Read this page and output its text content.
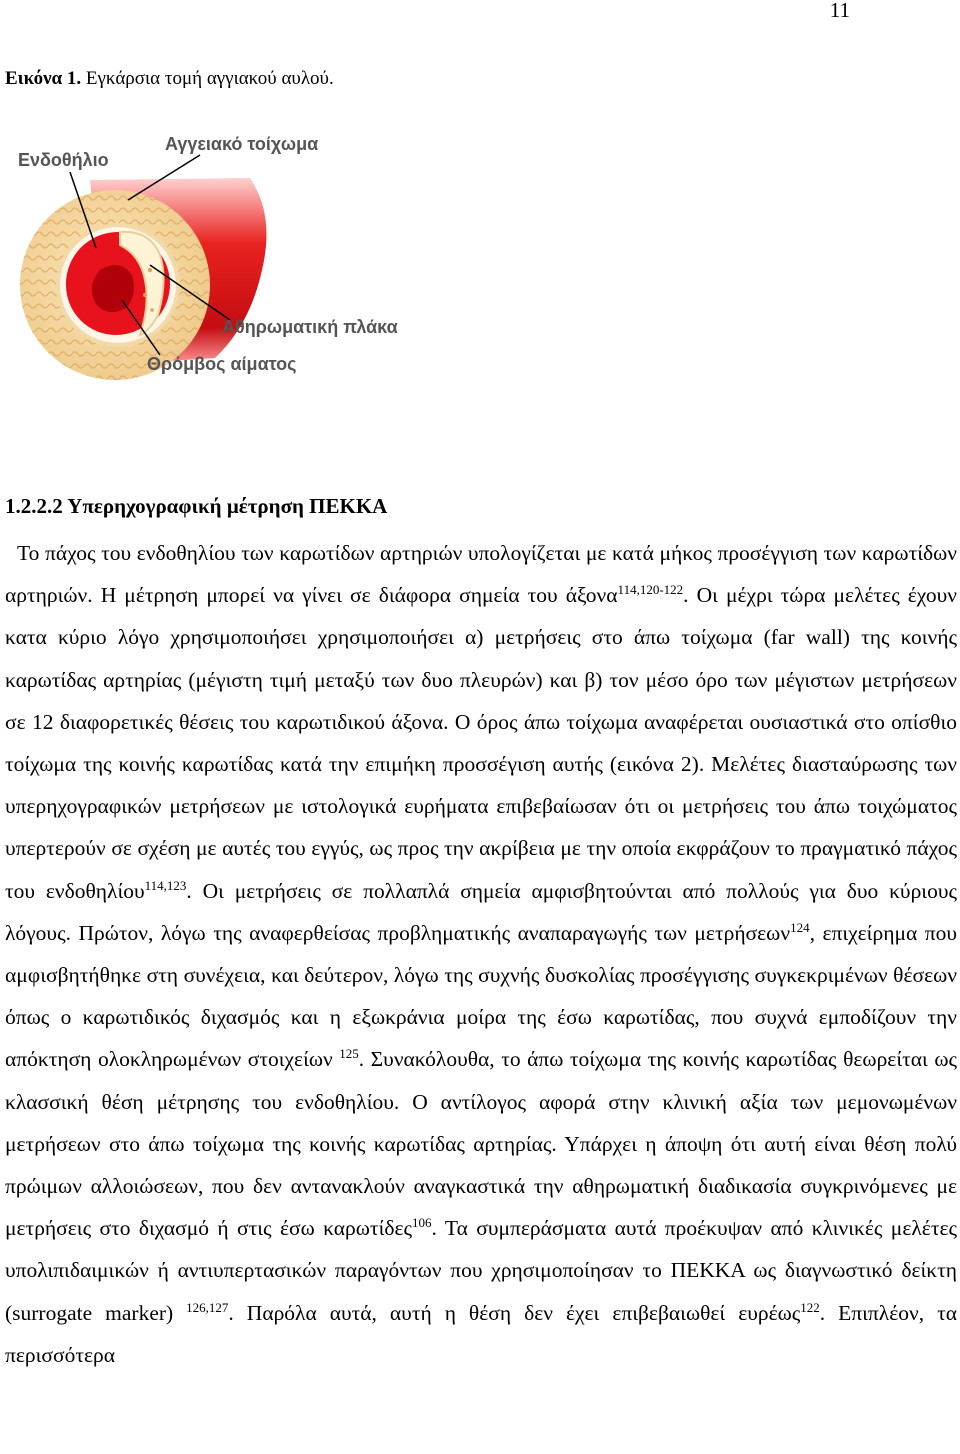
11
Εικόνα 1. Εγκάρσια τομή αγγιακού αυλού.
Ενδοθήλιο
Αγγειακό τοίχωμα
Αθηρωματική πλάκα
Θρόμβος αίματος
1.2.2.2 Υπερηχογραφική μέτρηση ΠΕΚΚΑ

Το πάχος του ενδοθηλίου των καρωτίδων αρτηριών υπολογίζεται με κατά μήκος προσέγγιση των καρωτίδων αρτηριών. Η μέτρηση μπορεί να γίνει σε διάφορα σημεία του άξονα$^{114,120-122}$. Οι μέχρι τώρα μελέτες έχουν κατα κύριο λόγο χρησιμοποιήσει χρησιμοποιήσει α) μετρήσεις στο άπω τοίχωμα (far wall) της κοινής καρωτίδας αρτηρίας (μέγιστη τιμή μεταξύ των δυο πλευρών) και β) τον μέσο όρο των μέγιστων μετρήσεων σε 12 διαφορετικές θέσεις του καρωτιδικού άξονα. Ο όρος άπω τοίχωμα αναφέρεται ουσιαστικά στο οπίσθιο τοίχωμα της κοινής καρωτίδας κατά την επιμήκη προσσέγιση αυτής (εικόνα 2). Μελέτες διασταύρωσης των υπερηχογραφικών μετρήσεων με ιστολογικά ευρήματα επιβεβαίωσαν ότι οι μετρήσεις του άπω τοιχώματος υπερτερούν σε σχέση με αυτές του εγγύς, ως προς την ακρίβεια με την οποία εκφράζουν το πραγματικό πάχος του ενδοθηλίου$^{114,123}$. Οι μετρήσεις σε πολλαπλά σημεία αμφισβητούνται από πολλούς για δυο κύριους λόγους. Πρώτον, λόγω της αναφερθείσας προβληματικής αναπαραγωγής των μετρήσεων$^{124}$, επιχείρημα που αμφισβητήθηκε στη συνέχεια, και δεύτερον, λόγω της συχνής δυσκολίας προσέγγισης συγκεκριμένων θέσεων όπως ο καρωτιδικός διχασμός και η εξωκράνια μοίρα της έσω καρωτίδας, που συχνά εμποδίζουν την απόκτηση ολοκληρωμένων στοιχείων $^{125}$. Συνακόλουθα, το άπω τοίχωμα της κοινής καρωτίδας θεωρείται ως κλασσική θέση μέτρησης του ενδοθηλίου. Ο αντίλογος αφορά στην κλινική αξία των μεμονωμένων μετρήσεων στο άπω τοίχωμα της κοινής καρωτίδας αρτηρίας. Υπάρχει η άποψη ότι αυτή είναι θέση πολύ πρώιμων αλλοιώσεων, που δεν αντανακλούν αναγκαστικά την αθηρωματική διαδικασία συγκρινόμενες με μετρήσεις στο διχασμό ή στις έσω καρωτίδες$^{106}$. Τα συμπεράσματα αυτά προέκυψαν από κλινικές μελέτες υπολιπιδαιμικών ή αντιυπερτασικών παραγόντων που χρησιμοποίησαν το ΠΕΚΚΑ ως διαγνωστικό δείκτη (surrogate marker) $^{126,127}$. Παρόλα αυτά, αυτή η θέση δεν έχει επιβεβαιωθεί ευρέως$^{122}$. Επιπλέον, τα περισσότερα
